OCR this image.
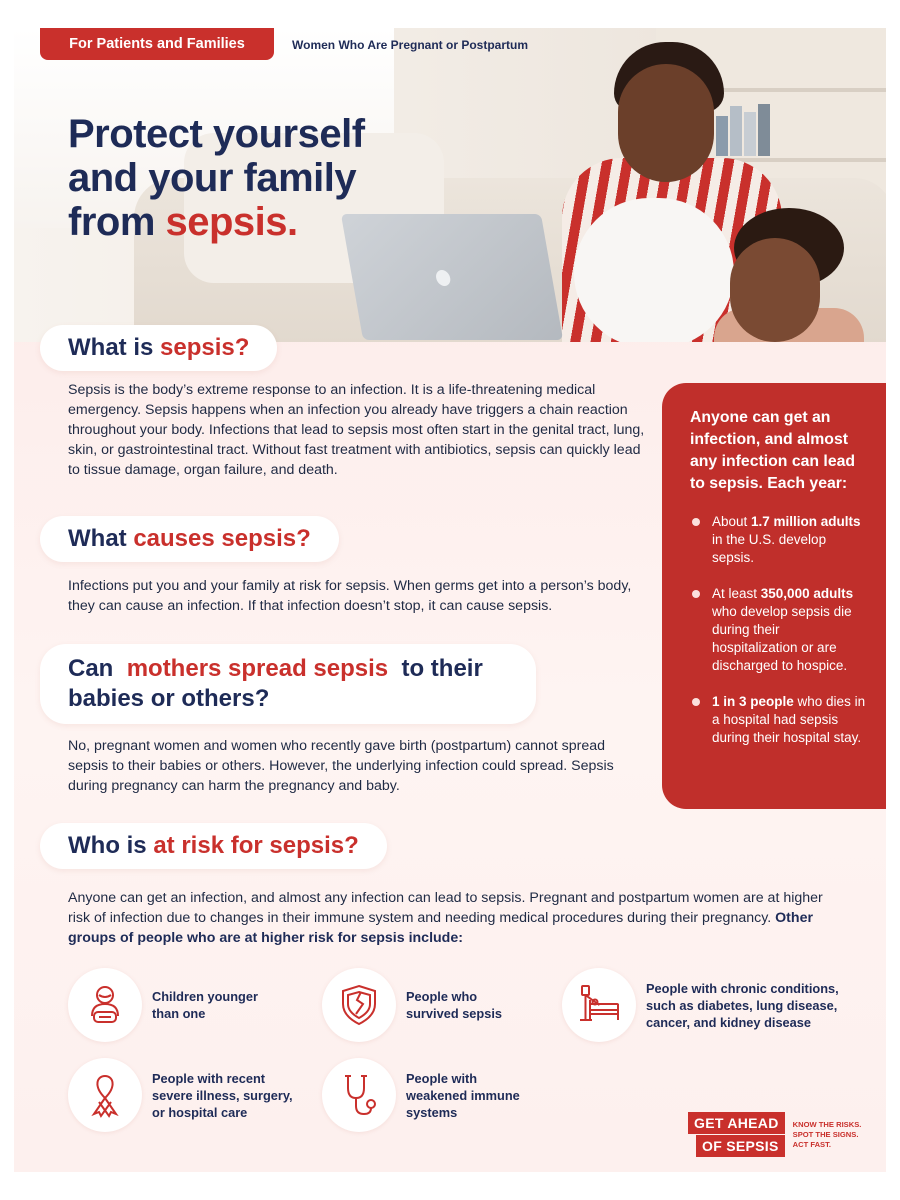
For Patients and Families	Women Who Are Pregnant or Postpartum
Protect yourself
and your family
from sepsis.
What is
sepsis?
Sepsis is the body’s extreme response to an infection. It is a life-threatening medical emergency. Sepsis happens when an infection you already have triggers a chain reaction throughout your body. Infections that lead to sepsis most often start in the genital tract, lung, skin, or gastrointestinal tract. Without fast treatment with antibiotics, sepsis can quickly lead to tissue damage, organ failure, and death.
What
causes sepsis?
Infections put you and your family at risk for sepsis. When germs get into a person’s body, they can cause an infection. If that infection doesn’t stop, it can cause sepsis.
Can  mothers spread sepsis  to their
babies or others?
No, pregnant women and women who recently gave birth (postpartum) cannot spread sepsis to their babies or others. However, the underlying infection could spread. Sepsis during pregnancy can harm the pregnancy and baby.
Anyone can get an infection, and almost any infection can lead to sepsis. Each year:
About 1.7 million adults in the U.S. develop sepsis.
At least 350,000 adults who develop sepsis die during their hospitalization or are discharged to hospice.
1 in 3 people who dies in a hospital had sepsis during their hospital stay.
Who is
at risk for sepsis?
Anyone can get an infection, and almost any infection can lead to sepsis. Pregnant and postpartum women are at higher risk of infection due to changes in their immune system and needing medical procedures during their pregnancy. Other groups of people who are at higher risk for sepsis include:
Children younger than one
People who survived sepsis
People with chronic conditions, such as diabetes, lung disease, cancer, and kidney disease
People with recent severe illness, surgery, or hospital care
People with weakened immune systems
GET AHEAD
OF SEPSIS
KNOW THE RISKS.
SPOT THE SIGNS.
ACT FAST.
